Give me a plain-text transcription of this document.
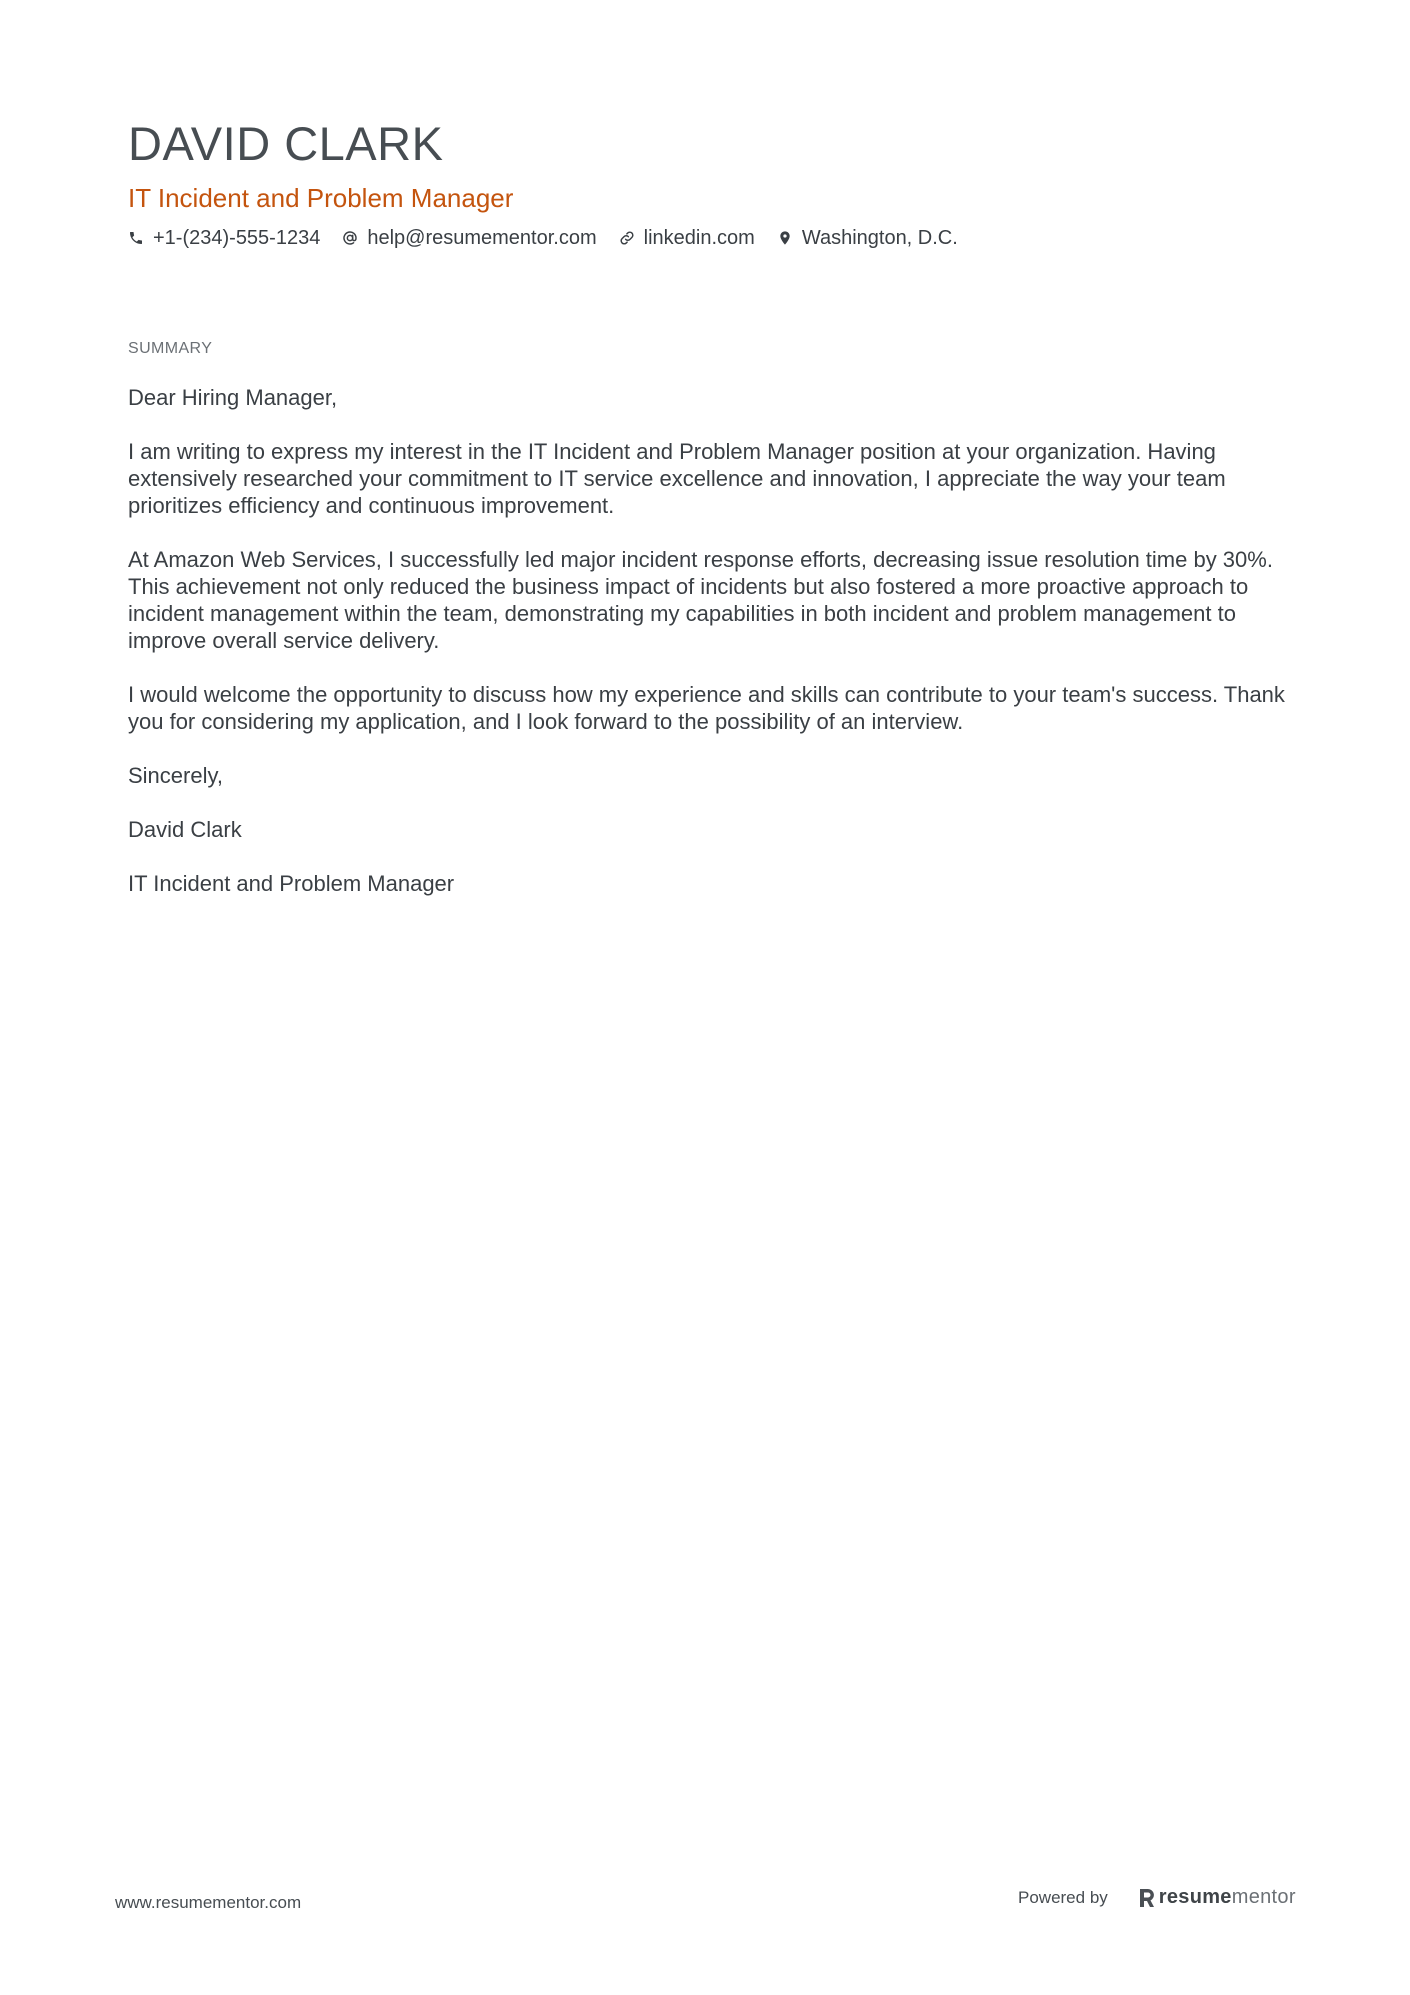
DAVID CLARK
IT Incident and Problem Manager
+1-(234)-555-1234 help@resumementor.com linkedin.com Washington, D.C.
SUMMARY

Dear Hiring Manager,

I am writing to express my interest in the IT Incident and Problem Manager position at your organization. Having extensively researched your commitment to IT service excellence and innovation, I appreciate the way your team prioritizes efficiency and continuous improvement.

At Amazon Web Services, I successfully led major incident response efforts, decreasing issue resolution time by 30%. This achievement not only reduced the business impact of incidents but also fostered a more proactive approach to incident management within the team, demonstrating my capabilities in both incident and problem management to improve overall service delivery.

I would welcome the opportunity to discuss how my experience and skills can contribute to your team's success. Thank you for considering my application, and I look forward to the possibility of an interview.

Sincerely,

David Clark

IT Incident and Problem Manager

www.resumementor.com	Powered by	resume mentor
